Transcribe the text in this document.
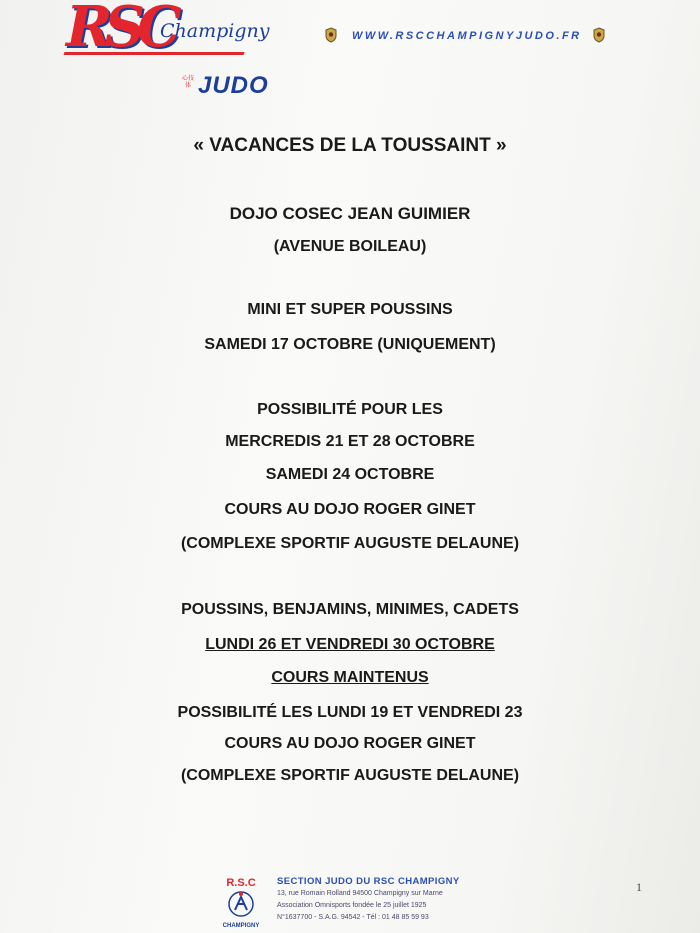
RSC
Champigny
心技体 JUDO
WWW.RSCCHAMPIGNYJUDO.FR
« VACANCES DE LA TOUSSAINT »
DOJO COSEC JEAN GUIMIER
(AVENUE BOILEAU)
MINI ET SUPER POUSSINS
SAMEDI 17 OCTOBRE (UNIQUEMENT)
POSSIBILITÉ POUR LES
MERCREDIS 21 ET 28 OCTOBRE
SAMEDI 24 OCTOBRE
COURS AU DOJO ROGER GINET
(COMPLEXE SPORTIF AUGUSTE DELAUNE)
POUSSINS, BENJAMINS, MINIMES, CADETS
LUNDI 26 ET VENDREDI 30 OCTOBRE
COURS MAINTENUS
POSSIBILITÉ LES LUNDI 19 ET VENDREDI 23
COURS AU DOJO ROGER GINET
(COMPLEXE SPORTIF AUGUSTE DELAUNE)
R.S.C
CHAMPIGNY
SECTION JUDO DU RSC CHAMPIGNY
13, rue Romain Rolland 94500 Champigny sur Marne
Association Omnisports fondée le 25 juillet 1925
N°1637700 - S.A.G. 94542 - Tél : 01 48 85 59 93
1
